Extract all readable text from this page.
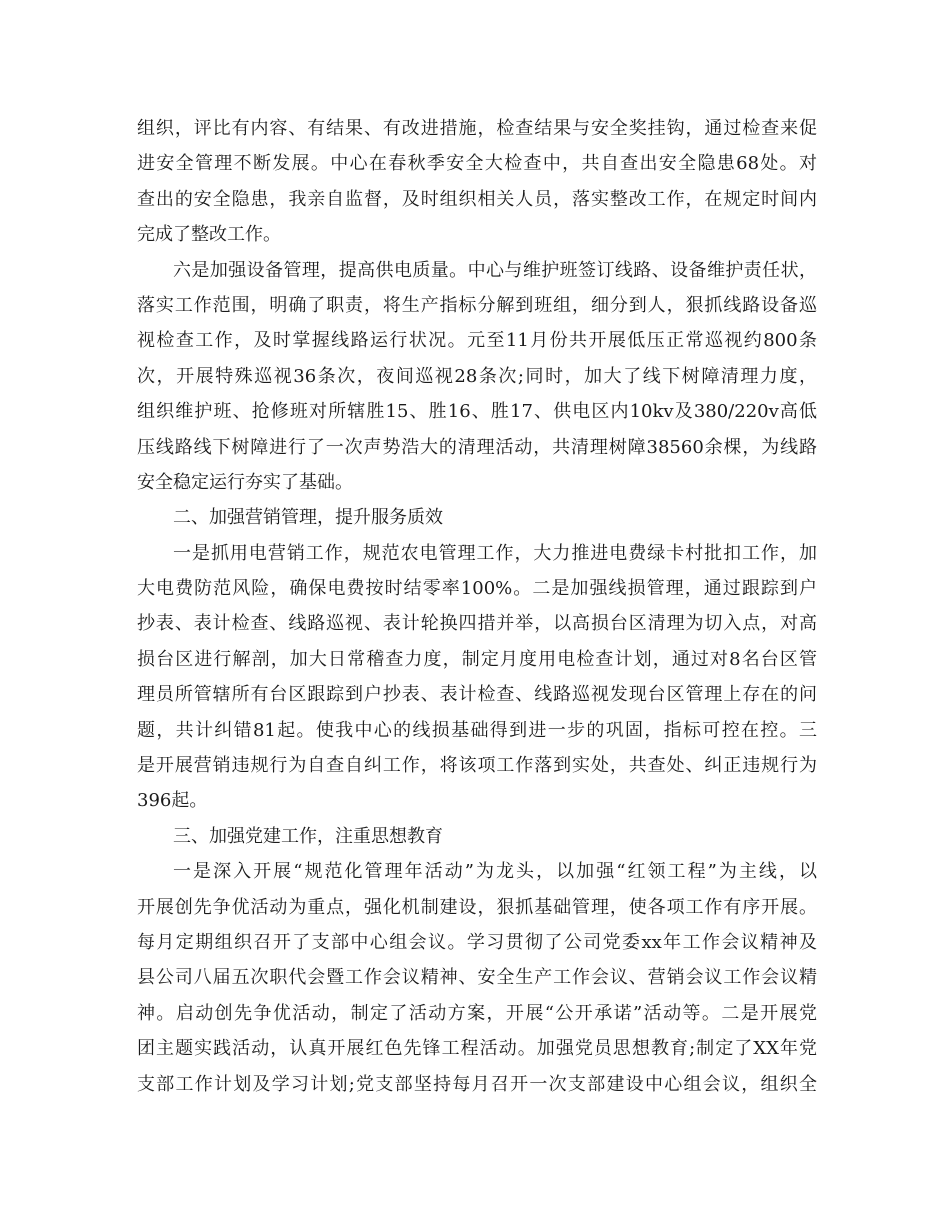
组织，评比有内容、有结果、有改进措施，检查结果与安全奖挂钩，通过检查来促
进安全管理不断发展。中心在春秋季安全大检查中，共自查出安全隐患68处。对
查出的安全隐患，我亲自监督，及时组织相关人员，落实整改工作，在规定时间内
完成了整改工作。
六是加强设备管理，提高供电质量。中心与维护班签订线路、设备维护责任状，
落实工作范围，明确了职责，将生产指标分解到班组，细分到人，狠抓线路设备巡
视检查工作，及时掌握线路运行状况。元至11月份共开展低压正常巡视约800条
次，开展特殊巡视36条次，夜间巡视28条次;同时，加大了线下树障清理力度，
组织维护班、抢修班对所辖胜15、胜16、胜17、供电区内10kv及380/220v高低
压线路线下树障进行了一次声势浩大的清理活动，共清理树障38560余棵，为线路
安全稳定运行夯实了基础。
二、加强营销管理，提升服务质效
一是抓用电营销工作，规范农电管理工作，大力推进电费绿卡村批扣工作，加
大电费防范风险，确保电费按时结零率100%。二是加强线损管理，通过跟踪到户
抄表、表计检查、线路巡视、表计轮换四措并举，以高损台区清理为切入点，对高
损台区进行解剖，加大日常稽查力度，制定月度用电检查计划，通过对8名台区管
理员所管辖所有台区跟踪到户抄表、表计检查、线路巡视发现台区管理上存在的问
题，共计纠错81起。使我中心的线损基础得到进一步的巩固，指标可控在控。三
是开展营销违规行为自查自纠工作，将该项工作落到实处，共查处、纠正违规行为
396起。
三、加强党建工作，注重思想教育
一是深入开展“规范化管理年活动”为龙头，以加强“红领工程”为主线，以
开展创先争优活动为重点，强化机制建设，狠抓基础管理，使各项工作有序开展。
每月定期组织召开了支部中心组会议。学习贯彻了公司党委xx年工作会议精神及
县公司八届五次职代会暨工作会议精神、安全生产工作会议、营销会议工作会议精
神。启动创先争优活动，制定了活动方案，开展“公开承诺”活动等。二是开展党
团主题实践活动，认真开展红色先锋工程活动。加强党员思想教育;制定了XX年党
支部工作计划及学习计划;党支部坚持每月召开一次支部建设中心组会议，组织全
